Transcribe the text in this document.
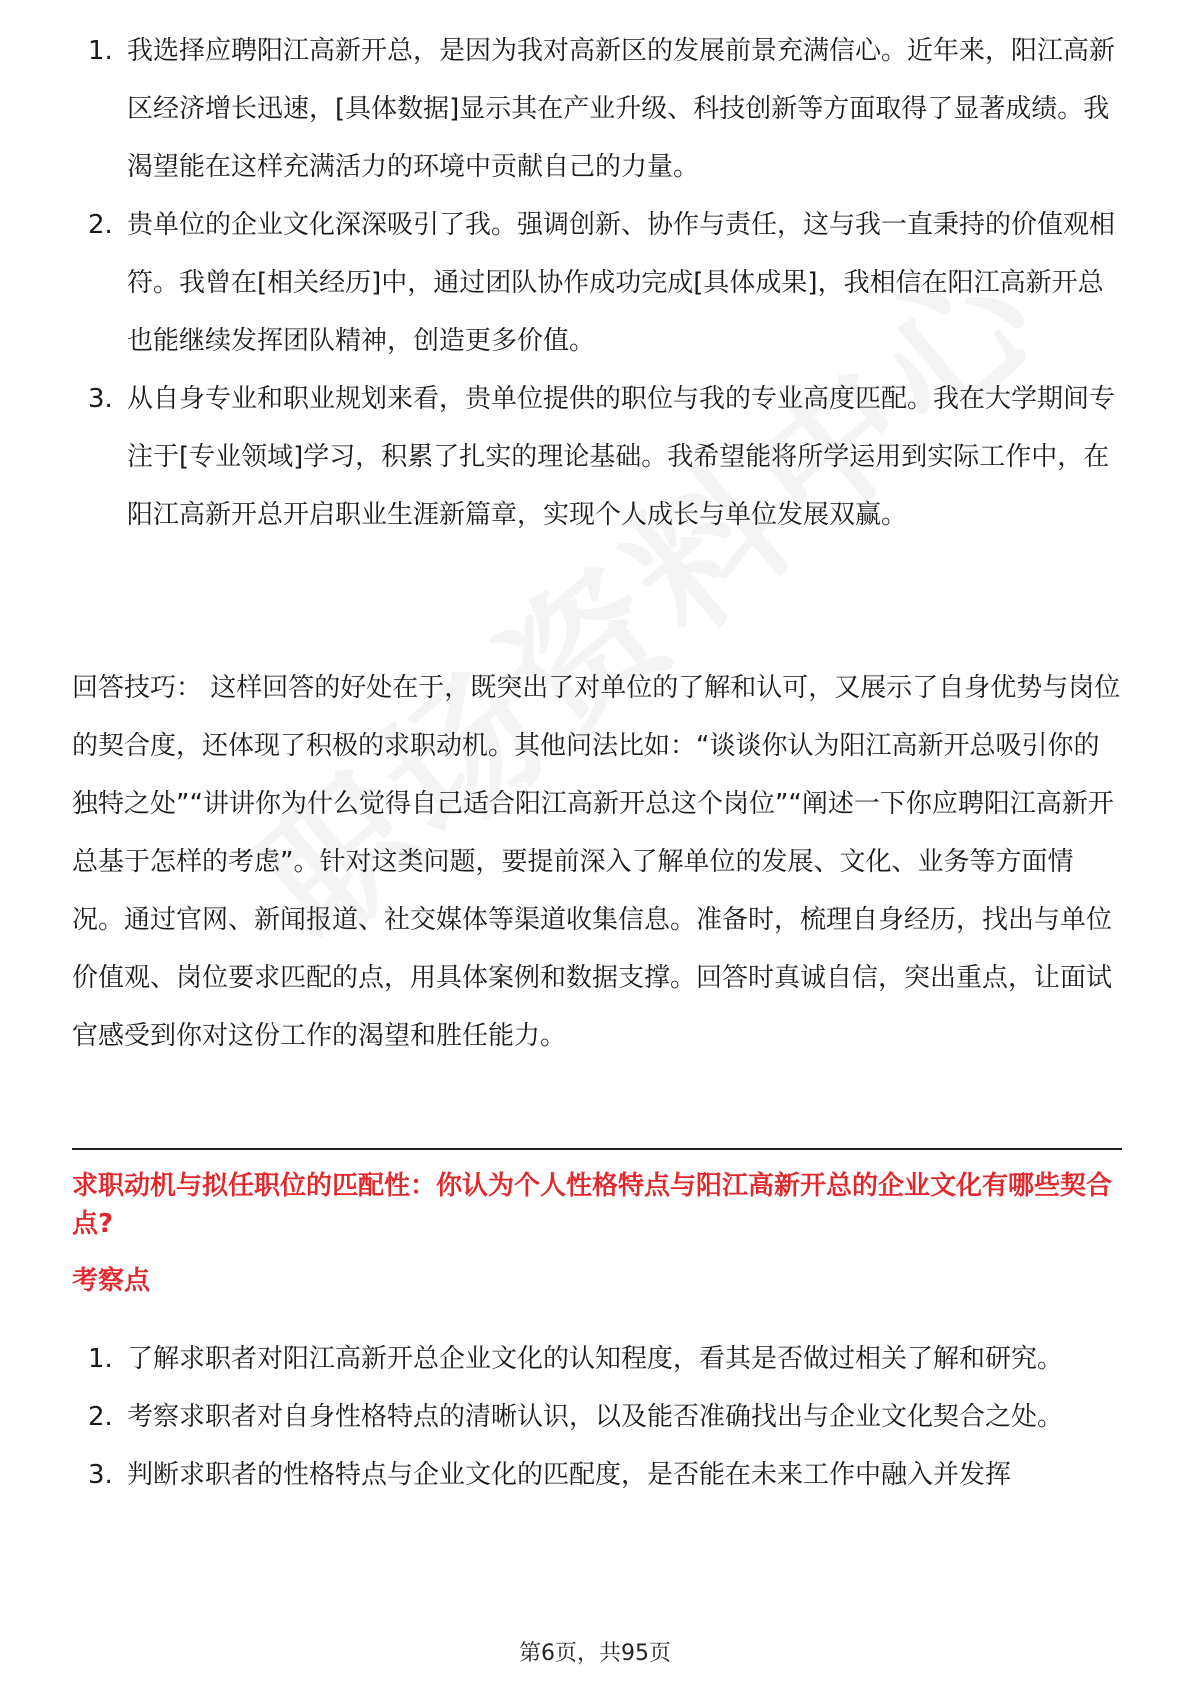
1. 我选择应聘阳江高新开总，是因为我对高新区的发展前景充满信心。近年来，阳江高新区经济增长迅速，[具体数据]显示其在产业升级、科技创新等方面取得了显著成绩。我渴望能在这样充满活力的环境中贡献自己的力量。
2. 贵单位的企业文化深深吸引了我。强调创新、协作与责任，这与我一直秉持的价值观相符。我曾在[相关经历]中，通过团队协作成功完成[具体成果]，我相信在阳江高新开总也能继续发挥团队精神，创造更多价值。
3. 从自身专业和职业规划来看，贵单位提供的职位与我的专业高度匹配。我在大学期间专注于[专业领域]学习，积累了扎实的理论基础。我希望能将所学运用到实际工作中，在阳江高新开总开启职业生涯新篇章，实现个人成长与单位发展双赢。

回答技巧： 这样回答的好处在于，既突出了对单位的了解和认可，又展示了自身优势与岗位的契合度，还体现了积极的求职动机。其他问法比如：“谈谈你认为阳江高新开总吸引你的独特之处”“讲讲你为什么觉得自己适合阳江高新开总这个岗位”“阐述一下你应聘阳江高新开总基于怎样的考虑”。针对这类问题，要提前深入了解单位的发展、文化、业务等方面情况。通过官网、新闻报道、社交媒体等渠道收集信息。准备时，梳理自身经历，找出与单位价值观、岗位要求匹配的点，用具体案例和数据支撑。回答时真诚自信，突出重点，让面试官感受到你对这份工作的渴望和胜任能力。

求职动机与拟任职位的匹配性：你认为个人性格特点与阳江高新开总的企业文化有哪些契合点?
考察点
1. 了解求职者对阳江高新开总企业文化的认知程度，看其是否做过相关了解和研究。
2. 考察求职者对自身性格特点的清晰认识，以及能否准确找出与企业文化契合之处。
3. 判断求职者的性格特点与企业文化的匹配度，是否能在未来工作中融入并发挥
第6页，共95页
